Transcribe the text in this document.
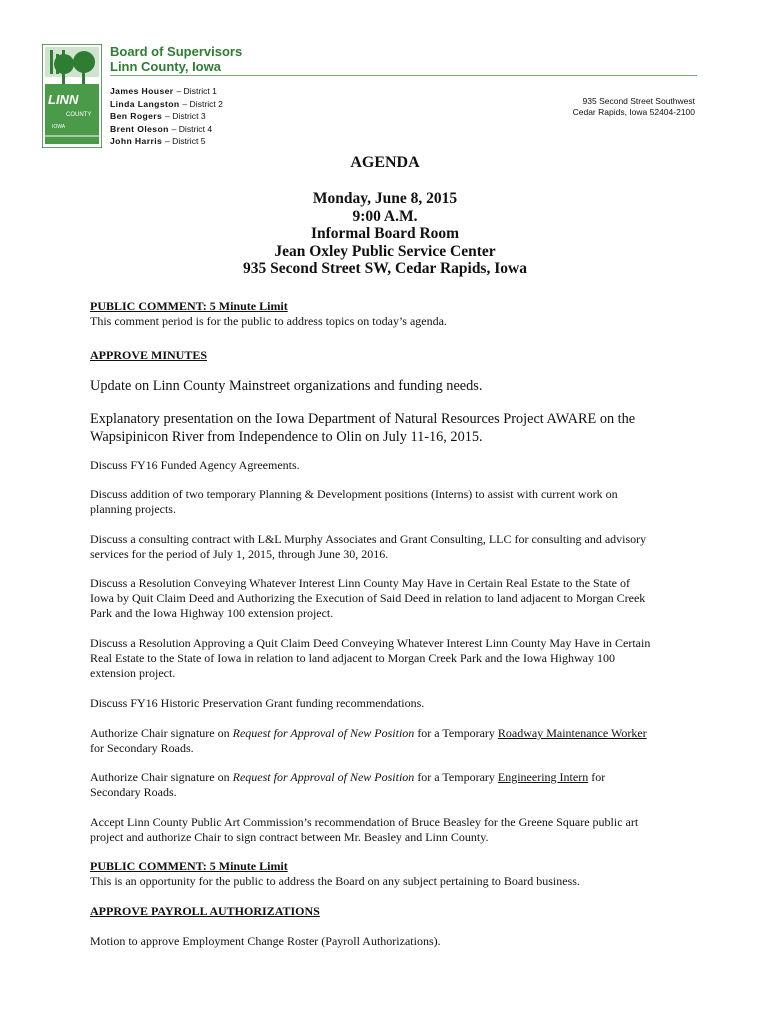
LINN
COUNTY
IOWA
Board of Supervisors
Linn County, Iowa
James Houser – District 1
Linda Langston – District 2
Ben Rogers – District 3
Brent Oleson – District 4
John Harris – District 5
935 Second Street Southwest
Cedar Rapids, Iowa 52404-2100
AGENDA
Monday, June 8, 2015
9:00 A.M.
Informal Board Room
Jean Oxley Public Service Center
935 Second Street SW, Cedar Rapids, Iowa
PUBLIC COMMENT: 5 Minute Limit
This comment period is for the public to address topics on today’s agenda.
APPROVE MINUTES
Update on Linn County Mainstreet organizations and funding needs.
Explanatory presentation on the Iowa Department of Natural Resources Project AWARE on the
Wapsipinicon River from Independence to Olin on July 11-16, 2015.
Discuss FY16 Funded Agency Agreements.
Discuss addition of two temporary Planning & Development positions (Interns) to assist with current work on
planning projects.
Discuss a consulting contract with L&L Murphy Associates and Grant Consulting, LLC for consulting and advisory
services for the period of July 1, 2015, through June 30, 2016.
Discuss a Resolution Conveying Whatever Interest Linn County May Have in Certain Real Estate to the State of
Iowa by Quit Claim Deed and Authorizing the Execution of Said Deed in relation to land adjacent to Morgan Creek
Park and the Iowa Highway 100 extension project.
Discuss a Resolution Approving a Quit Claim Deed Conveying Whatever Interest Linn County May Have in Certain
Real Estate to the State of Iowa in relation to land adjacent to Morgan Creek Park and the Iowa Highway 100
extension project.
Discuss FY16 Historic Preservation Grant funding recommendations.
Authorize Chair signature on Request for Approval of New Position for a Temporary Roadway Maintenance Worker
for Secondary Roads.
Authorize Chair signature on Request for Approval of New Position for a Temporary Engineering Intern for
Secondary Roads.
Accept Linn County Public Art Commission’s recommendation of Bruce Beasley for the Greene Square public art
project and authorize Chair to sign contract between Mr. Beasley and Linn County.
PUBLIC COMMENT: 5 Minute Limit
This is an opportunity for the public to address the Board on any subject pertaining to Board business.
APPROVE PAYROLL AUTHORIZATIONS
Motion to approve Employment Change Roster (Payroll Authorizations).
